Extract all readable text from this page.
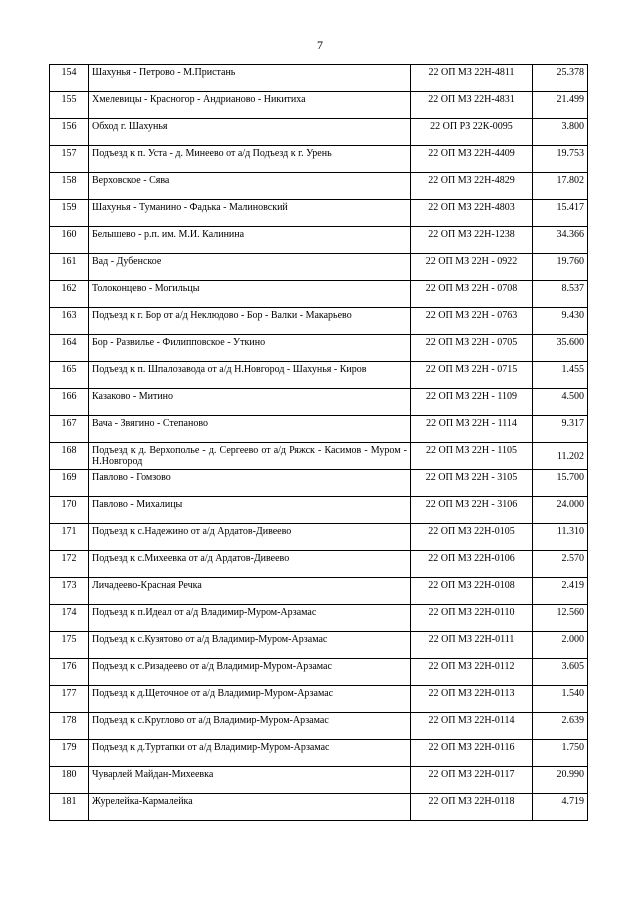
7
154	Шахунья - Петрово - М.Пристань	22 ОП МЗ 22Н-4811	25.378
155	Хмелевицы - Красногор - Андрианово - Никитиха	22 ОП МЗ 22Н-4831	21.499
156	Обход г. Шахунья	22 ОП РЗ 22К-0095	3.800
157	Подъезд к п. Уста - д. Минеево от а/д Подъезд к г. Урень	22 ОП МЗ 22Н-4409	19.753
158	Верховское - Сява	22 ОП МЗ 22Н-4829	17.802
159	Шахунья - Туманино - Фадька - Малиновский	22 ОП МЗ 22Н-4803	15.417
160	Белышево - р.п. им. М.И. Калинина	22 ОП МЗ 22Н-1238	34.366
161	Вад - Дубенское	22 ОП МЗ 22Н - 0922	19.760
162	Толоконцево - Могильцы	22 ОП МЗ 22Н - 0708	8.537
163	Подъезд к г. Бор от а/д Неклюдово - Бор - Валки - Макарьево	22 ОП МЗ 22Н - 0763	9.430
164	Бор - Развилье - Филипповское - Уткино	22 ОП МЗ 22Н - 0705	35.600
165	Подъезд к п. Шпалозавода от а/д Н.Новгород - Шахунья - Киров	22 ОП МЗ 22Н - 0715	1.455
166	Казаково - Митино	22 ОП МЗ 22Н - 1109	4.500
167	Вача - Звягино - Степаново	22 ОП МЗ 22Н - 1114	9.317
168	Подъезд к д. Верхополье - д. Сергеево от а/д Ряжск - Касимов - Муром - Н.Новгород	22 ОП МЗ 22Н - 1105	11.202
169	Павлово - Гомзово	22 ОП МЗ 22Н - 3105	15.700
170	Павлово - Михалицы	22 ОП МЗ 22Н - 3106	24.000
171	Подъезд к с.Надежино от а/д Ардатов-Дивеево	22 ОП МЗ 22Н-0105	11.310
172	Подъезд к с.Михеевка от а/д Ардатов-Дивеево	22 ОП МЗ 22Н-0106	2.570
173	Личадеево-Красная Речка	22 ОП МЗ 22Н-0108	2.419
174	Подъезд к п.Идеал от а/д Владимир-Муром-Арзамас	22 ОП МЗ 22Н-0110	12.560
175	Подъезд к с.Кузятово от а/д Владимир-Муром-Арзамас	22 ОП МЗ 22Н-0111	2.000
176	Подъезд к с.Ризадеево от а/д Владимир-Муром-Арзамас	22 ОП МЗ 22Н-0112	3.605
177	Подъезд к д.Щеточное от а/д Владимир-Муром-Арзамас	22 ОП МЗ 22Н-0113	1.540
178	Подъезд к с.Круглово от а/д Владимир-Муром-Арзамас	22 ОП МЗ 22Н-0114	2.639
179	Подъезд к д.Туртапки от а/д Владимир-Муром-Арзамас	22 ОП МЗ 22Н-0116	1.750
180	Чуварлей Майдан-Михеевка	22 ОП МЗ 22Н-0117	20.990
181	Журелейка-Кармалейка	22 ОП МЗ 22Н-0118	4.719
